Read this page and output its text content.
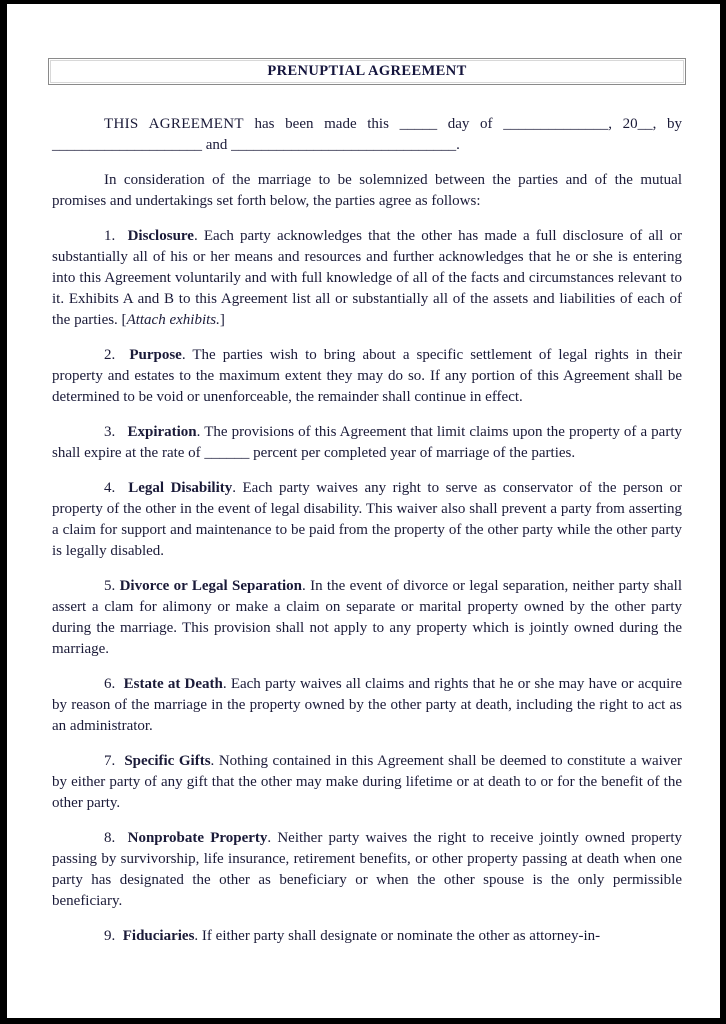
PRENUPTIAL AGREEMENT

THIS AGREEMENT has been made this _____ day of ______________, 20__, by ____________________ and ______________________________.

In consideration of the marriage to be solemnized between the parties and of the mutual promises and undertakings set forth below, the parties agree as follows:

1. Disclosure. Each party acknowledges that the other has made a full disclosure of all or substantially all of his or her means and resources and further acknowledges that he or she is entering into this Agreement voluntarily and with full knowledge of all of the facts and circumstances relevant to it. Exhibits A and B to this Agreement list all or substantially all of the assets and liabilities of each of the parties. [Attach exhibits.]

2. Purpose. The parties wish to bring about a specific settlement of legal rights in their property and estates to the maximum extent they may do so. If any portion of this Agreement shall be determined to be void or unenforceable, the remainder shall continue in effect.

3. Expiration. The provisions of this Agreement that limit claims upon the property of a party shall expire at the rate of ______ percent per completed year of marriage of the parties.

4. Legal Disability. Each party waives any right to serve as conservator of the person or property of the other in the event of legal disability. This waiver also shall prevent a party from asserting a claim for support and maintenance to be paid from the property of the other party while the other party is legally disabled.

5. Divorce or Legal Separation. In the event of divorce or legal separation, neither party shall assert a clam for alimony or make a claim on separate or marital property owned by the other party during the marriage. This provision shall not apply to any property which is jointly owned during the marriage.

6. Estate at Death. Each party waives all claims and rights that he or she may have or acquire by reason of the marriage in the property owned by the other party at death, including the right to act as an administrator.

7. Specific Gifts. Nothing contained in this Agreement shall be deemed to constitute a waiver by either party of any gift that the other may make during lifetime or at death to or for the benefit of the other party.

8. Nonprobate Property. Neither party waives the right to receive jointly owned property passing by survivorship, life insurance, retirement benefits, or other property passing at death when one party has designated the other as beneficiary or when the other spouse is the only permissible beneficiary.

9. Fiduciaries. If either party shall designate or nominate the other as attorney-in-
